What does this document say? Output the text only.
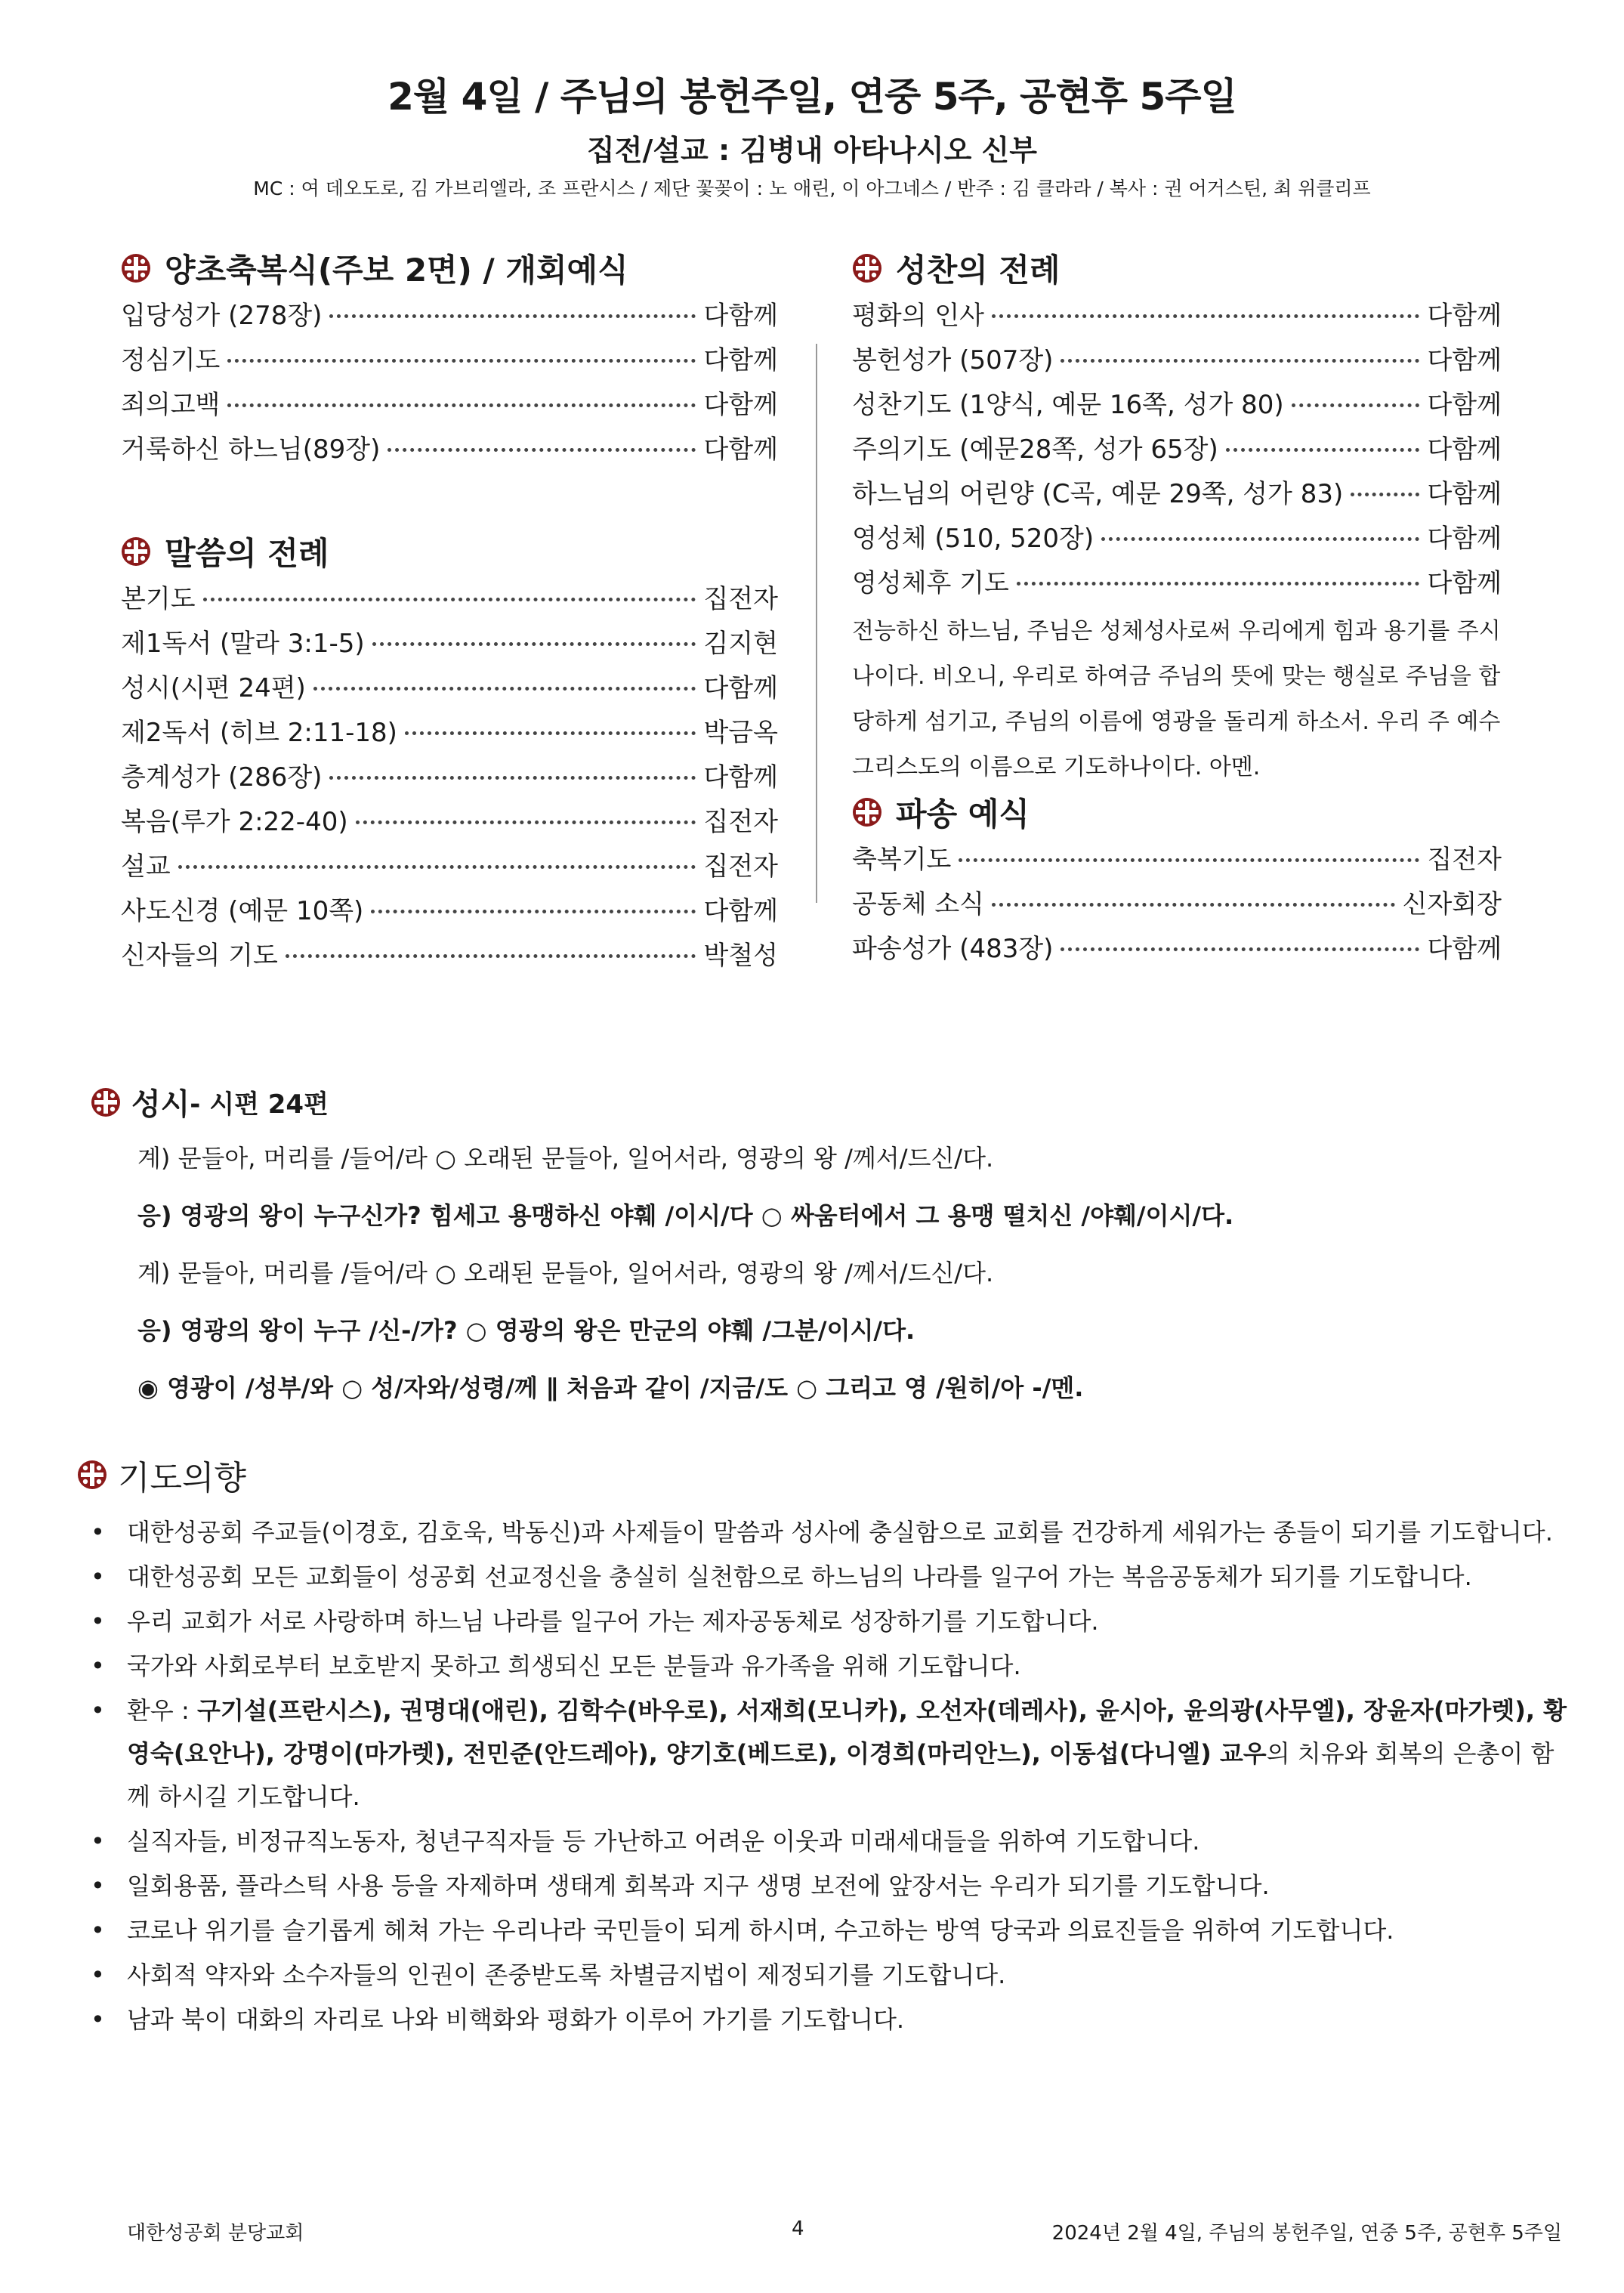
2월 4일 / 주님의 봉헌주일, 연중 5주, 공현후 5주일
집전/설교 : 김병내 아타나시오 신부
MC : 여 데오도로, 김 가브리엘라, 조 프란시스 / 제단 꽃꽂이 : 노 애린, 이 아그네스 / 반주 : 김 클라라 / 복사 : 권 어거스틴, 최 위클리프
양초축복식(주보 2면) / 개회예식
입당성가 (278장)	다함께
정심기도	다함께
죄의고백	다함께
거룩하신 하느님(89장)	다함께
말씀의 전례
본기도	집전자
제1독서 (말라 3:1-5)	김지현
성시(시편 24편)	다함께
제2독서 (히브 2:11-18)	박금옥
층계성가 (286장)	다함께
복음(루가 2:22-40)	집전자
설교	집전자
사도신경 (예문 10쪽)	다함께
신자들의 기도	박철성
성찬의 전례
평화의 인사	다함께
봉헌성가 (507장)	다함께
성찬기도 (1양식, 예문 16쪽, 성가 80)	다함께
주의기도 (예문28쪽, 성가 65장)	다함께
하느님의 어린양 (C곡, 예문 29쪽, 성가 83)	다함께
영성체 (510, 520장)	다함께
영성체후 기도	다함께
전능하신 하느님, 주님은 성체성사로써 우리에게 힘과 용기를 주시
나이다. 비오니, 우리로 하여금 주님의 뜻에 맞는 행실로 주님을 합
당하게 섬기고, 주님의 이름에 영광을 돌리게 하소서. 우리 주 예수
그리스도의 이름으로 기도하나이다. 아멘.
파송 예식
축복기도	집전자
공동체 소식	신자회장
파송성가 (483장)	다함께
성시 - 시편 24편
계) 문들아, 머리를 /들어/라 ○ 오래된 문들아, 일어서라, 영광의 왕 /께서/드신/다.
응) 영광의 왕이 누구신가? 힘세고 용맹하신 야훼 /이시/다 ○ 싸움터에서 그 용맹 떨치신 /야훼/이시/다.
계) 문들아, 머리를 /들어/라 ○ 오래된 문들아, 일어서라, 영광의 왕 /께서/드신/다.
응) 영광의 왕이 누구 /신-/가? ○ 영광의 왕은 만군의 야훼 /그분/이시/다.
◉ 영광이 /성부/와 ○ 성/자와/성령/께 ∥ 처음과 같이 /지금/도 ○ 그리고 영 /원히/아 -/멘.
기도의향
• 대한성공회 주교들(이경호, 김호욱, 박동신)과 사제들이 말씀과 성사에 충실함으로 교회를 건강하게 세워가는 종들이 되기를 기도합니다.
• 대한성공회 모든 교회들이 성공회 선교정신을 충실히 실천함으로 하느님의 나라를 일구어 가는 복음공동체가 되기를 기도합니다.
• 우리 교회가 서로 사랑하며 하느님 나라를 일구어 가는 제자공동체로 성장하기를 기도합니다.
• 국가와 사회로부터 보호받지 못하고 희생되신 모든 분들과 유가족을 위해 기도합니다.
• 환우 : 구기설(프란시스), 권명대(애린), 김학수(바우로), 서재희(모니카), 오선자(데레사), 윤시아, 윤의광(사무엘), 장윤자(마가렛), 황영숙(요안나), 강명이(마가렛), 전민준(안드레아), 양기호(베드로), 이경희(마리안느), 이동섭(다니엘) 교우의 치유와 회복의 은총이 함께 하시길 기도합니다.
• 실직자들, 비정규직노동자, 청년구직자들 등 가난하고 어려운 이웃과 미래세대들을 위하여 기도합니다.
• 일회용품, 플라스틱 사용 등을 자제하며 생태계 회복과 지구 생명 보전에 앞장서는 우리가 되기를 기도합니다.
• 코로나 위기를 슬기롭게 헤쳐 가는 우리나라 국민들이 되게 하시며, 수고하는 방역 당국과 의료진들을 위하여 기도합니다.
• 사회적 약자와 소수자들의 인권이 존중받도록 차별금지법이 제정되기를 기도합니다.
• 남과 북이 대화의 자리로 나와 비핵화와 평화가 이루어 가기를 기도합니다.
대한성공회 분당교회	4	2024년 2월 4일, 주님의 봉헌주일, 연중 5주, 공현후 5주일
